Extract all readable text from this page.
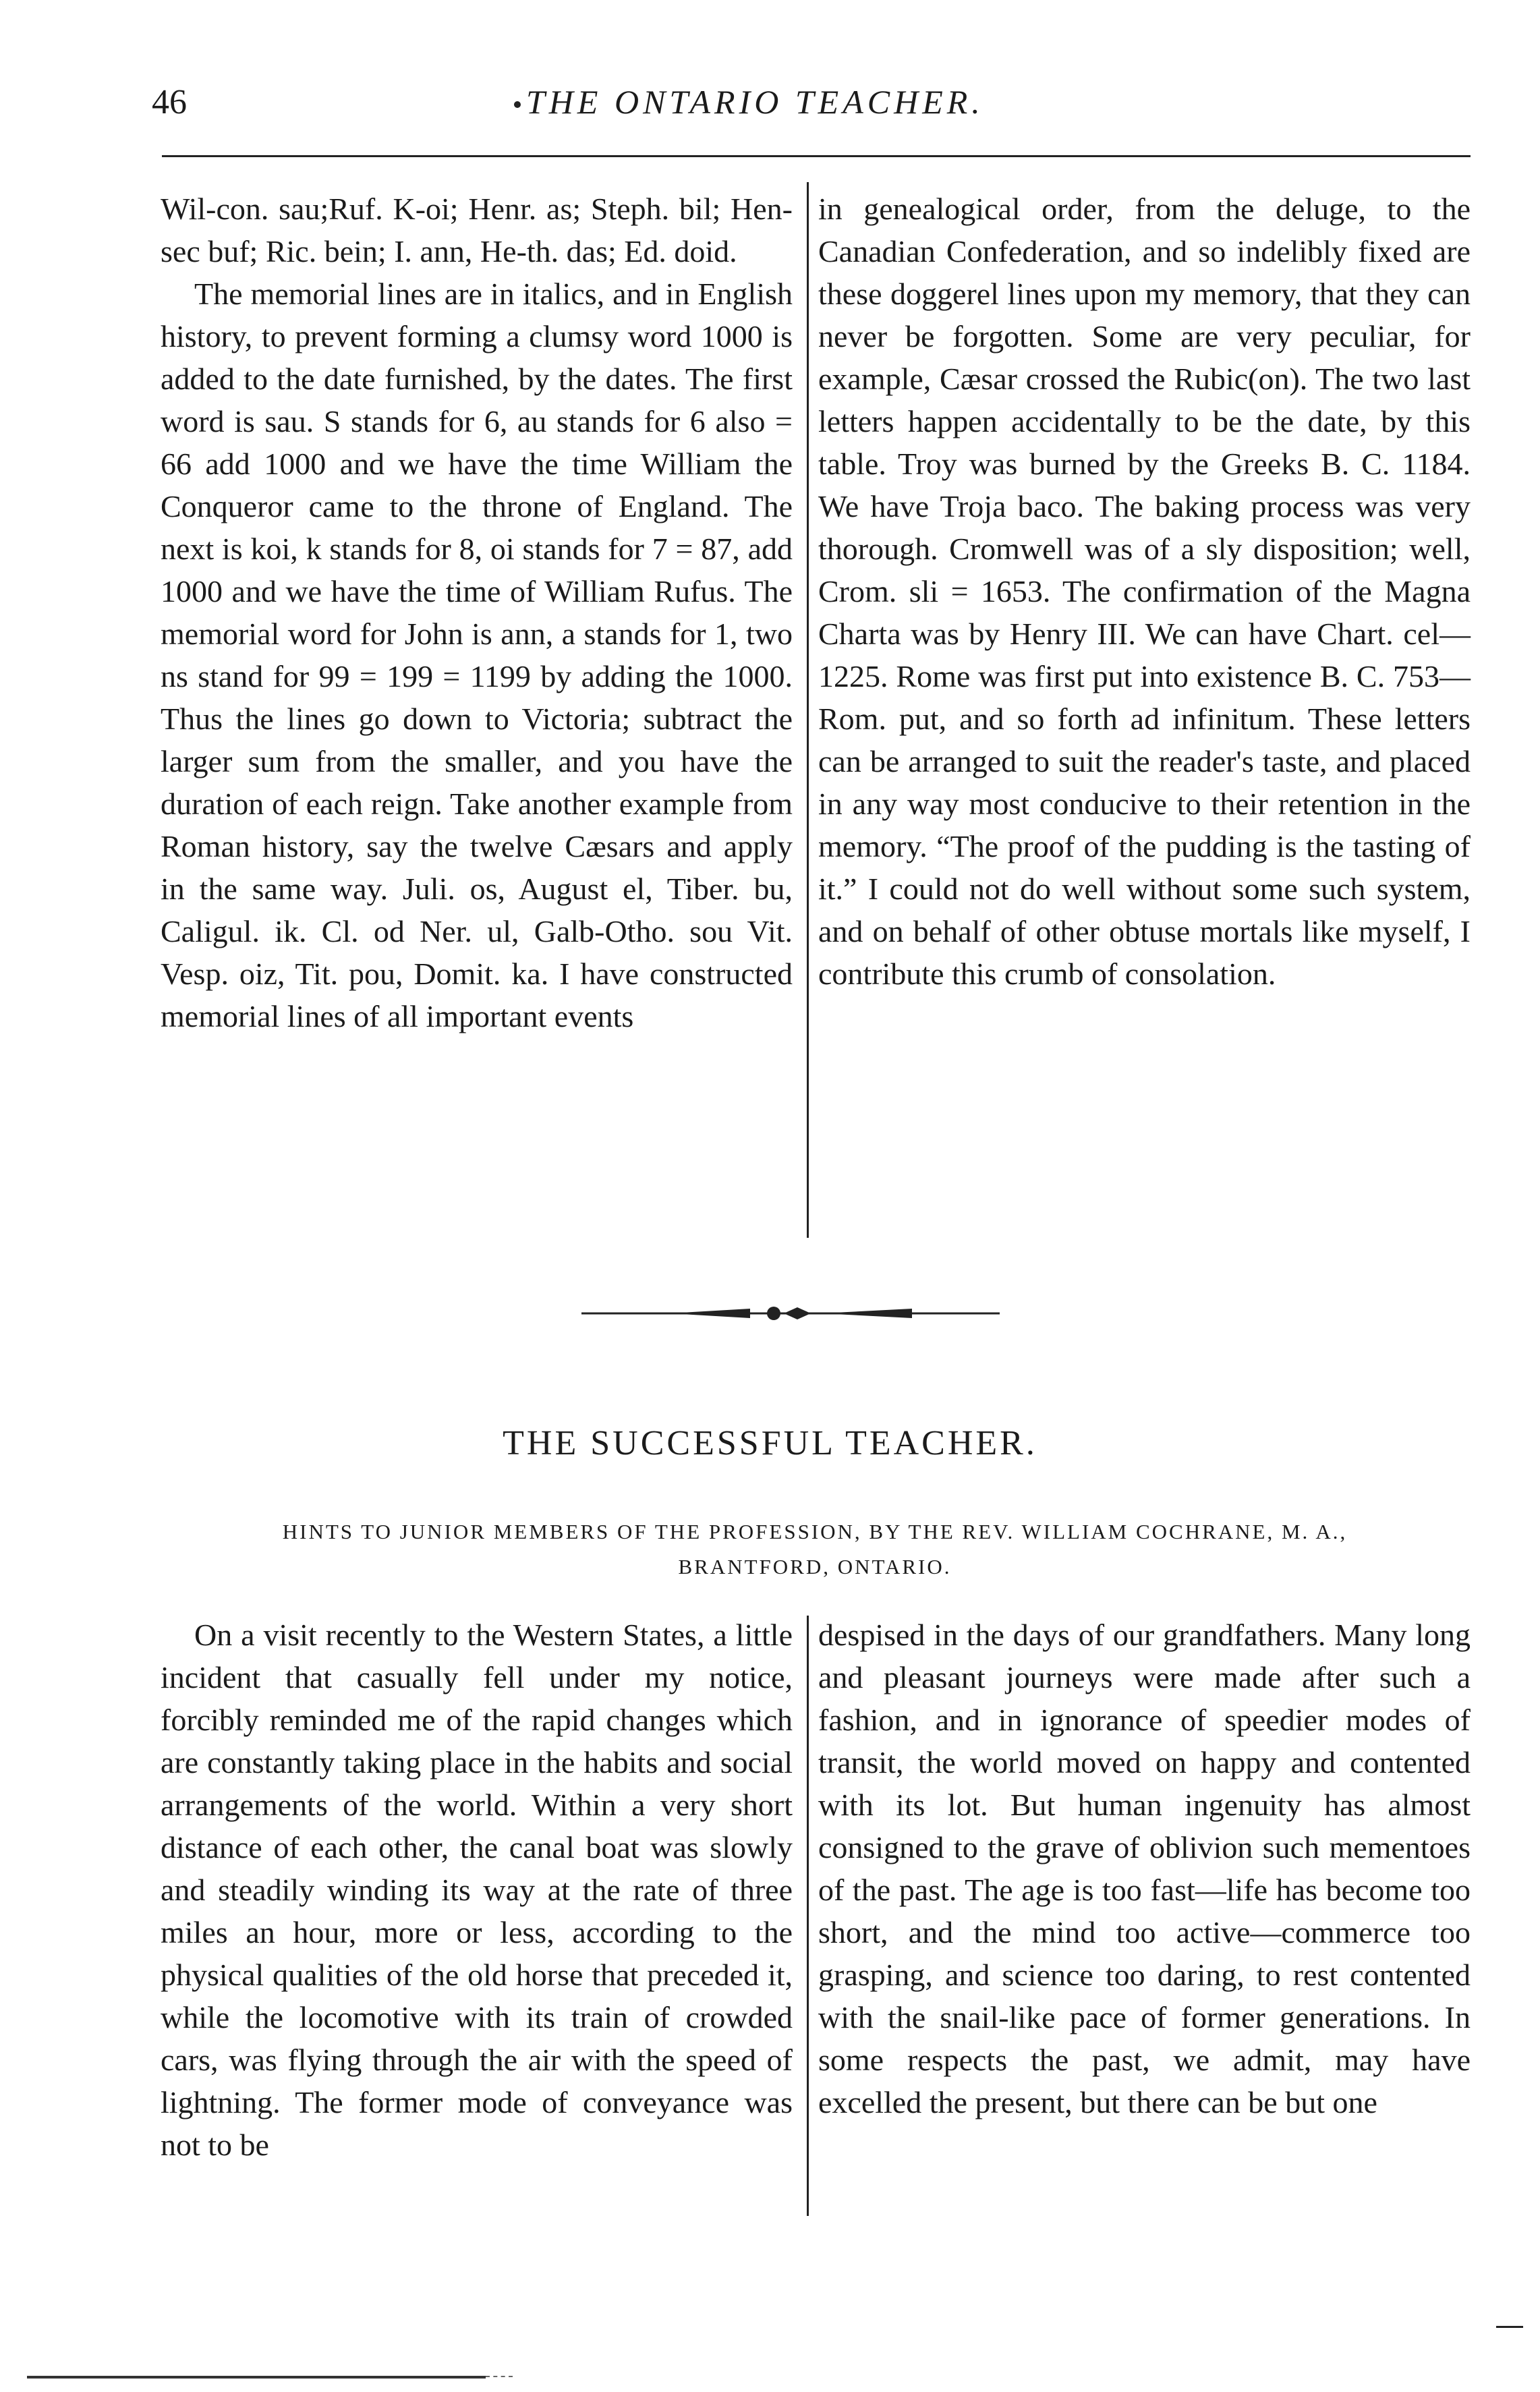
46	THE ONTARIO TEACHER.

Wil-con. sau;Ruf. K-oi; Henr. as; Steph. bil; Hen-sec buf; Ric. bein; I. ann, He-th. das; Ed. doid.

The memorial lines are in italics, and in English history, to prevent forming a clumsy word 1000 is added to the date furnished, by the dates. The first word is sau. S stands for 6, au stands for 6 also = 66 add 1000 and we have the time William the Conqueror came to the throne of England. The next is koi, k stands for 8, oi stands for 7 = 87, add 1000 and we have the time of William Rufus. The memorial word for John is ann, a stands for 1, two ns stand for 99 = 199 = 1199 by adding the 1000. Thus the lines go down to Victoria; subtract the larger sum from the smaller, and you have the duration of each reign. Take another example from Roman history, say the twelve Cæsars and apply in the same way. Juli. os, August el, Tiber. bu, Caligul. ik. Cl. od Ner. ul, Galb-Otho. sou Vit. Vesp. oiz, Tit. pou, Domit. ka. I have constructed memorial lines of all important events

in genealogical order, from the deluge, to the Canadian Confederation, and so indelibly fixed are these doggerel lines upon my memory, that they can never be forgotten. Some are very peculiar, for example, Cæsar crossed the Rubic(on). The two last letters happen accidentally to be the date, by this table. Troy was burned by the Greeks B. C. 1184. We have Troja baco. The baking process was very thorough. Cromwell was of a sly disposition; well, Crom. sli = 1653. The confirmation of the Magna Charta was by Henry III. We can have Chart. cel—1225. Rome was first put into existence B. C. 753—Rom. put, and so forth ad infinitum. These letters can be arranged to suit the reader's taste, and placed in any way most conducive to their retention in the memory. “The proof of the pudding is the tasting of it.” I could not do well without some such system, and on behalf of other obtuse mortals like myself, I contribute this crumb of consolation.

THE SUCCESSFUL TEACHER.
HINTS TO JUNIOR MEMBERS OF THE PROFESSION, BY THE REV. WILLIAM COCHRANE, M. A.,
BRANTFORD, ONTARIO.

On a visit recently to the Western States, a little incident that casually fell under my notice, forcibly reminded me of the rapid changes which are constantly taking place in the habits and social arrangements of the world. Within a very short distance of each other, the canal boat was slowly and steadily winding its way at the rate of three miles an hour, more or less, according to the physical qualities of the old horse that preceded it, while the locomotive with its train of crowded cars, was flying through the air with the speed of lightning. The former mode of conveyance was not to be

despised in the days of our grandfathers. Many long and pleasant journeys were made after such a fashion, and in ignorance of speedier modes of transit, the world moved on happy and contented with its lot. But human ingenuity has almost consigned to the grave of oblivion such mementoes of the past. The age is too fast—life has become too short, and the mind too active—commerce too grasping, and science too daring, to rest contented with the snail-like pace of former generations. In some respects the past, we admit, may have excelled the present, but there can be but one
